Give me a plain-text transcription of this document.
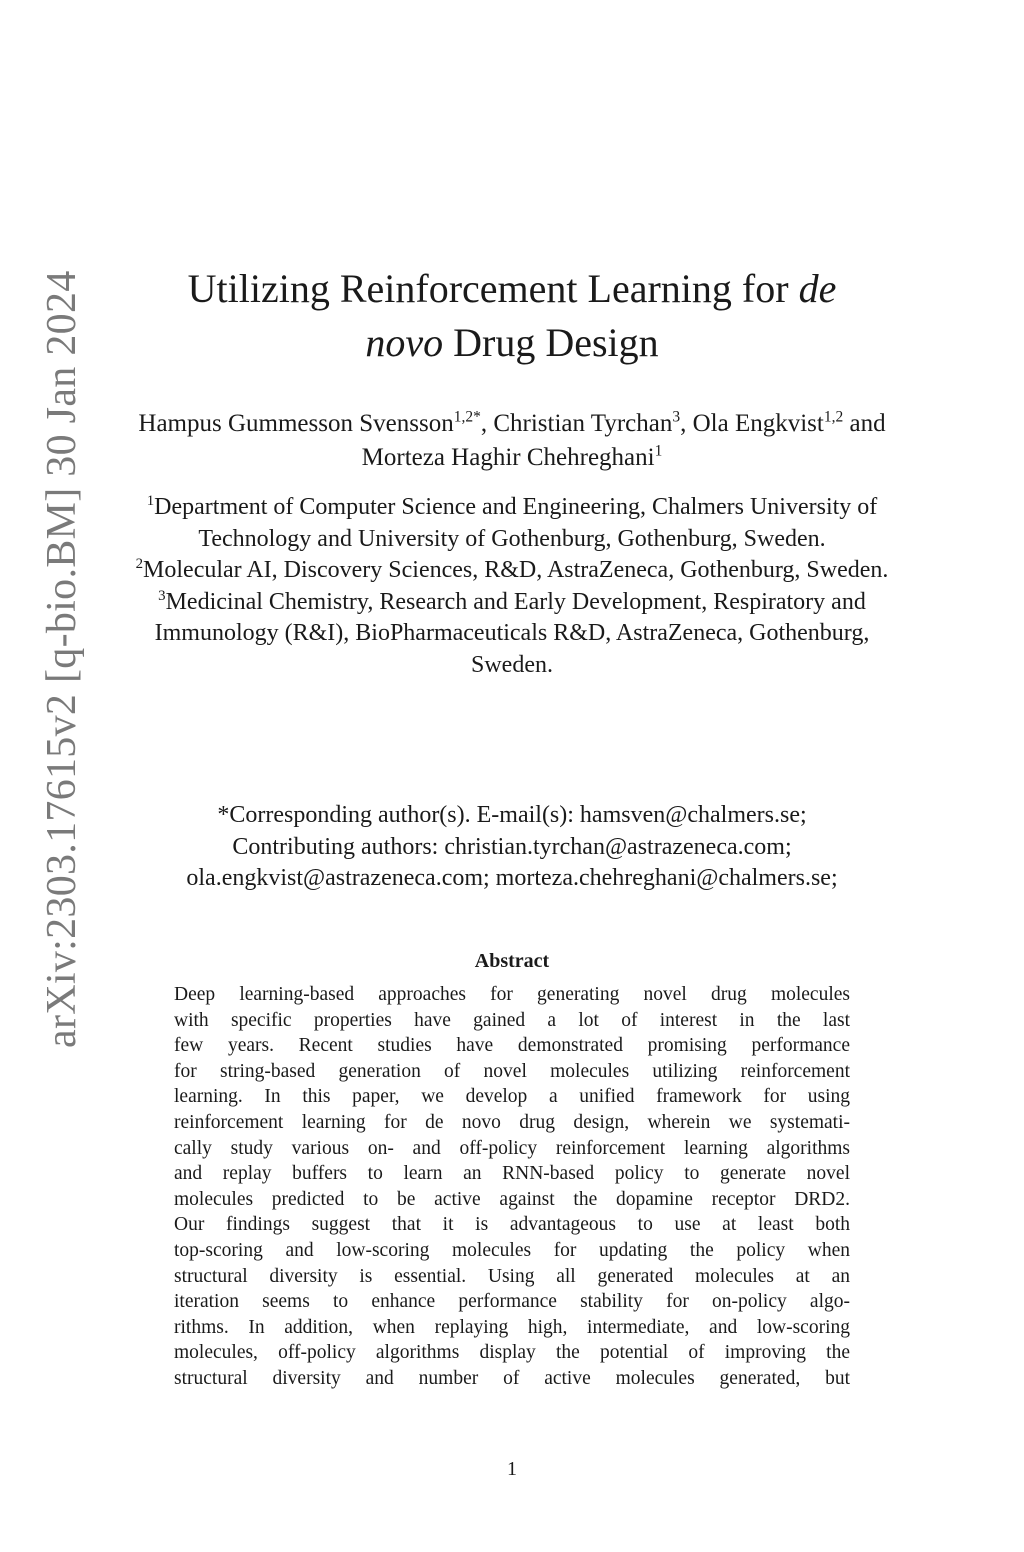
arXiv:2303.17615v2 [q-bio.BM] 30 Jan 2024	Utilizing Reinforcement Learning for de
novo Drug Design

Hampus Gummesson Svensson$^{1,2*}$, Christian Tyrchan$^3$, Ola Engkvist$^{1,2}$ and Morteza Haghir Chehreghani$^1$

$^1$Department of Computer Science and Engineering, Chalmers University of Technology and University of Gothenburg, Gothenburg, Sweden.

$^2$Molecular AI, Discovery Sciences, R&D, AstraZeneca, Gothenburg, Sweden.

$^3$Medicinal Chemistry, Research and Early Development, Respiratory and Immunology (R&I), BioPharmaceuticals R&D, AstraZeneca, Gothenburg, Sweden.

*Corresponding author(s). E-mail(s): hamsven@chalmers.se;

Contributing authors: christian.tyrchan@astrazeneca.com;

ola.engkvist@astrazeneca.com; morteza.chehreghani@chalmers.se;

Abstract
Deep learning-based approaches for generating novel drug molecules
with specific properties have gained a lot of interest in the last
few years. Recent studies have demonstrated promising performance
for string-based generation of novel molecules utilizing reinforcement
learning. In this paper, we develop a unified framework for using
reinforcement learning for de novo drug design, wherein we systemati-
cally study various on- and off-policy reinforcement learning algorithms
and replay buffers to learn an RNN-based policy to generate novel
molecules predicted to be active against the dopamine receptor DRD2.
Our findings suggest that it is advantageous to use at least both
top-scoring and low-scoring molecules for updating the policy when
structural diversity is essential. Using all generated molecules at an
iteration seems to enhance performance stability for on-policy algo-
rithms. In addition, when replaying high, intermediate, and low-scoring
molecules, off-policy algorithms display the potential of improving the
structural diversity and number of active molecules generated, but
1
